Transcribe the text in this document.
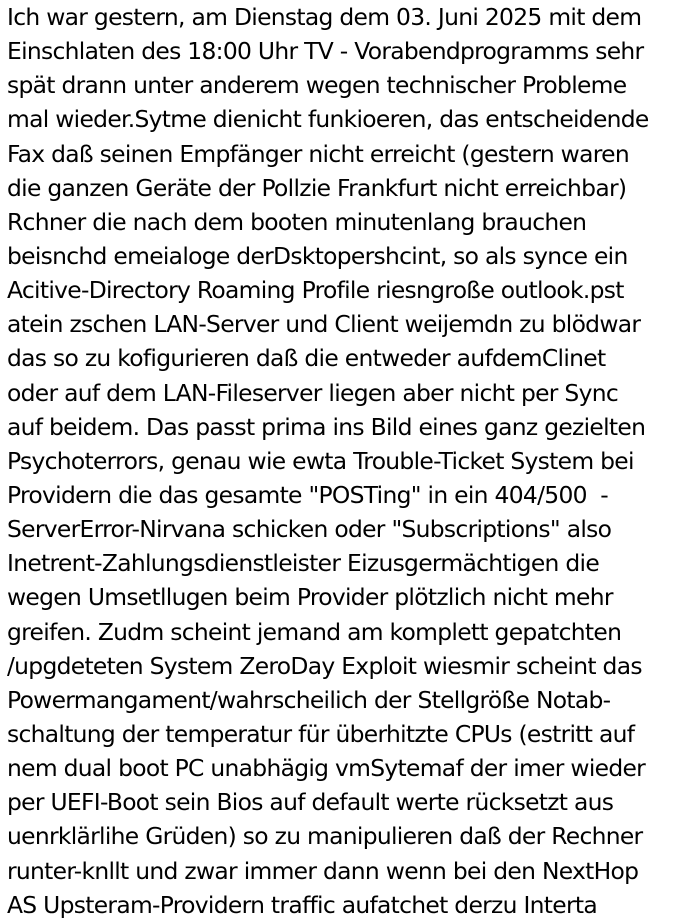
Ich war gestern, am Dienstag dem 03. Juni 2025 mit dem
Einschlaten des 18:00 Uhr TV - Vorabendprogramms sehr
spät drann unter anderem wegen technischer Probleme
mal wieder.Sytme dienicht funkioeren, das entscheidende
Fax daß seinen Empfänger nicht erreicht (gestern waren
die ganzen Geräte der Pollzie Frankfurt nicht erreichbar)
Rchner die nach dem booten minutenlang brauchen
beisnchd emeialoge derDsktopershcint, so als synce ein
Acitive-Directory Roaming Profile riesngroße outlook.pst
atein zschen LAN-Server und Client weijemdn zu blödwar
das so zu kofigurieren daß die entweder aufdemClinet
oder auf dem LAN-Fileserver liegen aber nicht per Sync
auf beidem. Das passt prima ins Bild eines ganz gezielten
Psychoterrors, genau wie ewta Trouble-Ticket System bei
Providern die das gesamte "POSTing" in ein 404/500  -
ServerError-Nirvana schicken oder "Subscriptions" also
Inetrent-Zahlungsdienstleister Eizusgermächtigen die
wegen Umsetllugen beim Provider plötzlich nicht mehr
greifen. Zudm scheint jemand am komplett gepatchten
/upgdeteten System ZeroDay Exploit wiesmir scheint das
Powermangament/wahrscheilich der Stellgröße Notab-
schaltung der temperatur für überhitzte CPUs (estritt auf
nem dual boot PC unabhägig vmSytemaf der imer wieder
per UEFI-Boot sein Bios auf default werte rücksetzt aus
uenrklärlihe Grüden) so zu manipulieren daß der Rechner
runter-knllt und zwar immer dann wenn bei den NextHop
AS Upsteram-Providern traffic aufatchet derzu Interta
